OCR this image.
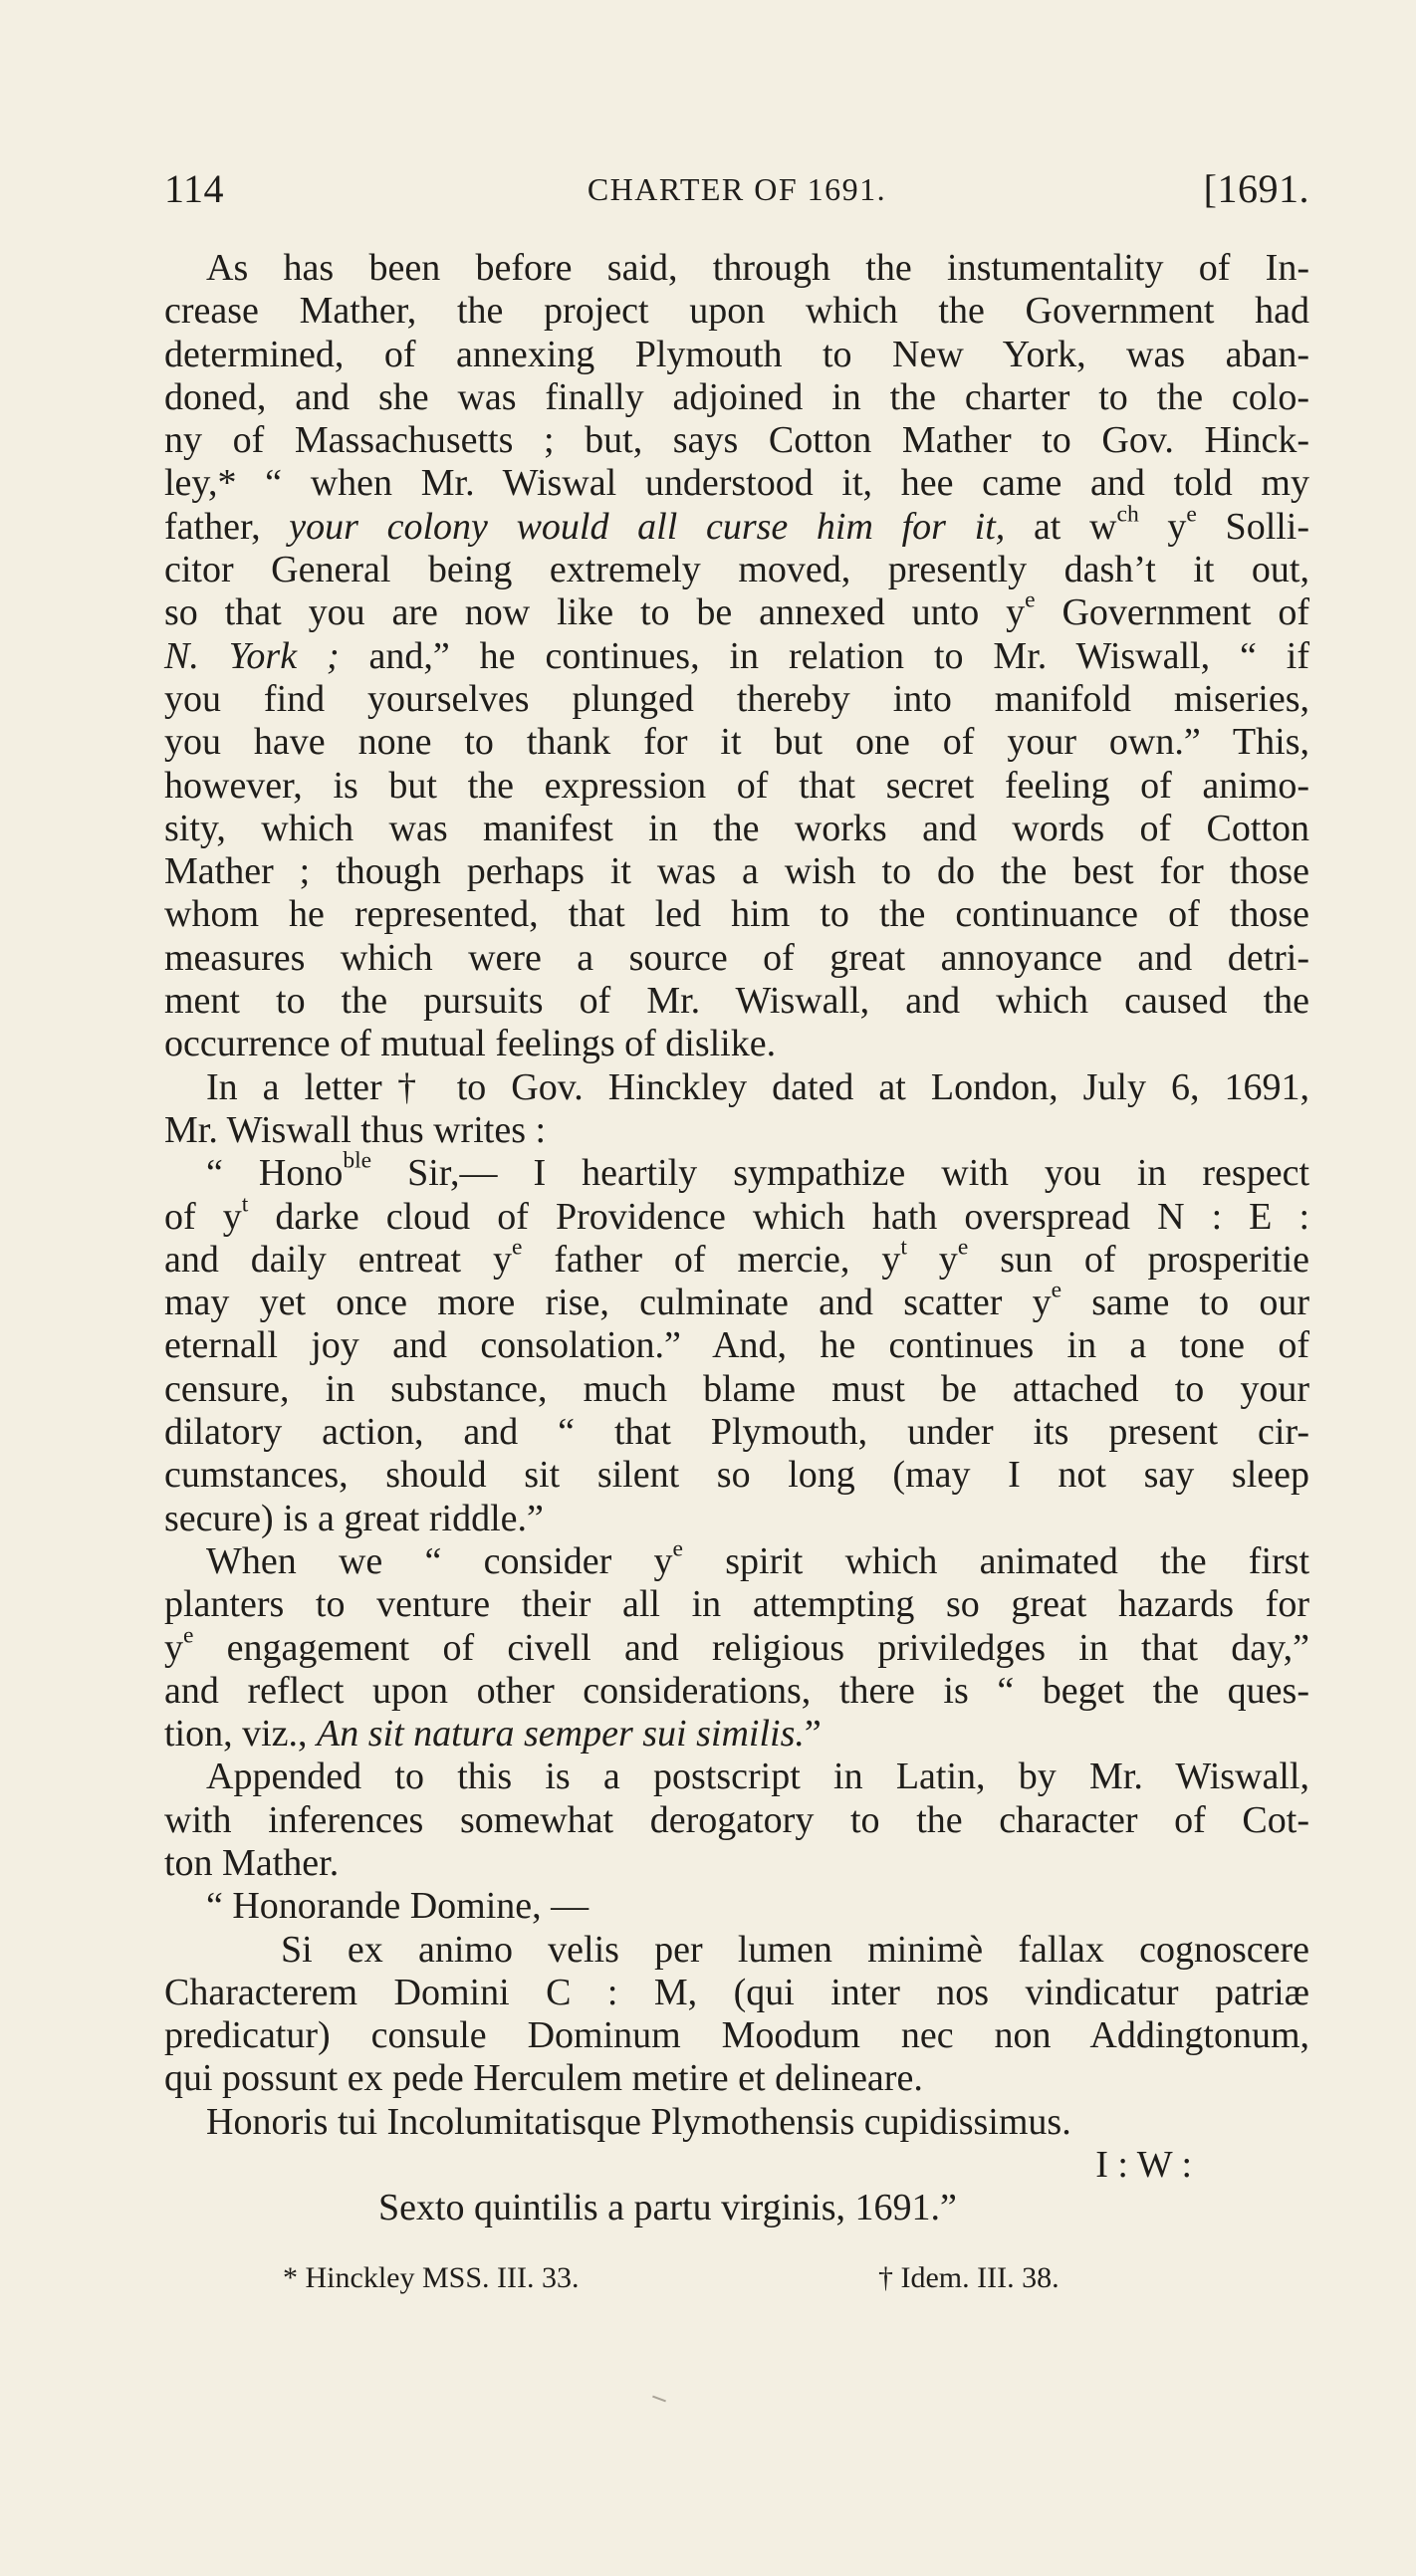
114	CHARTER OF 1691.	[1691.
As has been before said, through the instumentality of In-
crease Mather, the project upon which the Government had
determined, of annexing Plymouth to New York, was aban-
doned, and she was finally adjoined in the charter to the colo-
ny of Massachusetts ; but, says Cotton Mather to Gov. Hinck-
ley,* “ when Mr. Wiswal understood it, hee came and told my
father, your colony would all curse him for it, at $w^{ch}$ $y^e$ Solli-
citor General being extremely moved, presently dash’t it out,
so that you are now like to be annexed unto $y^e$ Government of
N. York ; and,” he continues, in relation to Mr. Wiswall, “ if
you find yourselves plunged thereby into manifold miseries,
you have none to thank for it but one of your own.” This,
however, is but the expression of that secret feeling of animo-
sity, which was manifest in the works and words of Cotton
Mather ; though perhaps it was a wish to do the best for those
whom he represented, that led him to the continuance of those
measures which were a source of great annoyance and detri-
ment to the pursuits of Mr. Wiswall, and which caused the
occurrence of mutual feelings of dislike.
In a letter† to Gov. Hinckley dated at London, July 6, 1691,
Mr. Wiswall thus writes :
“ Hono$^{ble}$ Sir,— I heartily sympathize with you in respect
of $y^t$ darke cloud of Providence which hath overspread N : E :
and daily entreat $y^e$ father of mercie, $y^t$ $y^e$ sun of prosperitie
may yet once more rise, culminate and scatter $y^e$ same to our
eternall joy and consolation.” And, he continues in a tone of
censure, in substance, much blame must be attached to your
dilatory action, and “ that Plymouth, under its present cir-
cumstances, should sit silent so long (may I not say sleep
secure) is a great riddle.”
When we “ consider $y^e$ spirit which animated the first
planters to venture their all in attempting so great hazards for
$y^e$ engagement of civell and religious priviledges in that day,”
and reflect upon other considerations, there is “ beget the ques-
tion, viz., An sit natura semper sui similis.”
Appended to this is a postscript in Latin, by Mr. Wiswall,
with inferences somewhat derogatory to the character of Cot-
ton Mather.
“ Honorande Domine, —
Si ex animo velis per lumen minimè fallax cognoscere
Characterem Domini C : M, (qui inter nos vindicatur patriæ
predicatur) consule Dominum Moodum nec non Addingtonum,
qui possunt ex pede Herculem metire et delineare.
Honoris tui Incolumitatisque Plymothensis cupidissimus.
I : W :
Sexto quintilis a partu virginis, 1691.”
* Hinckley MSS. III. 33.	† Idem. III. 38.
